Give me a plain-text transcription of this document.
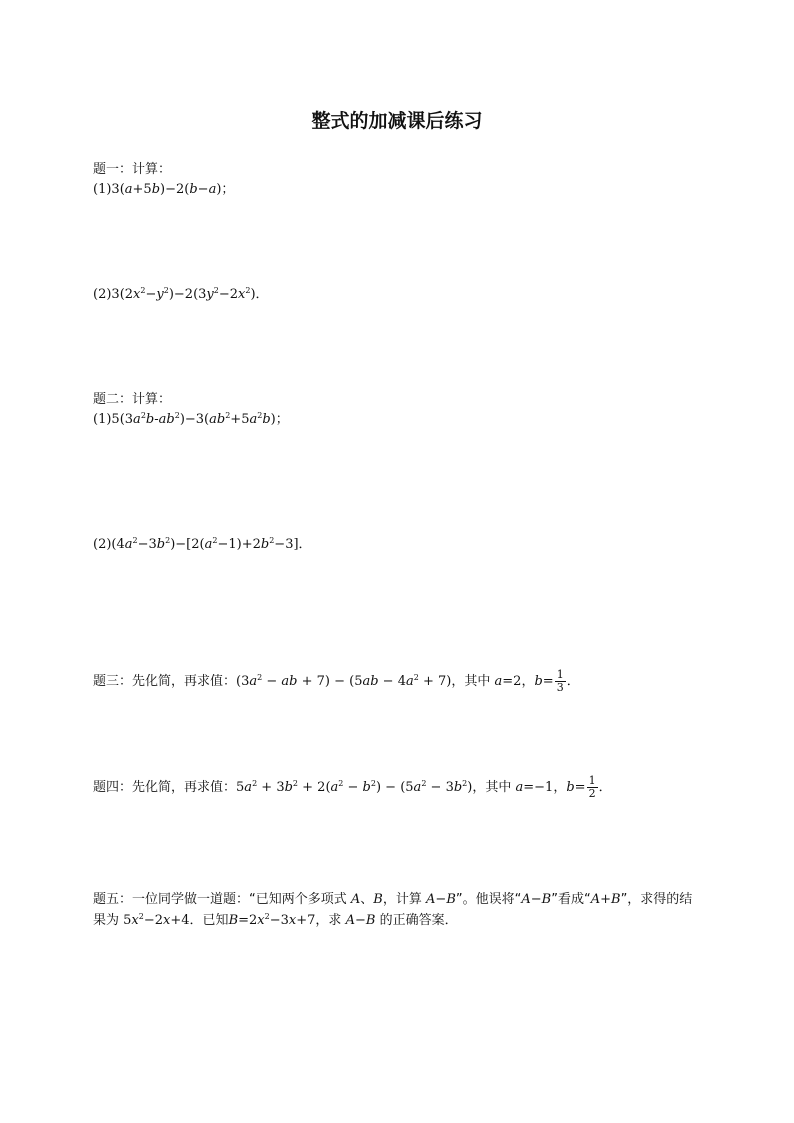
整式的加减课后练习
题一：计算：
(1)3(a+5b)−2(b−a)；
$(2)3(2x^2-y^2)-2(3y^2-2x^2)$．
题二：计算：
$(1)5(3a^2b-ab^2)-3(ab^2+5a^2b)$；
$(2)(4a^2-3b^2)-[2(a^2-1)+2b^2-3]$．
题三：先化简，再求值：($3a^2$ − ab + $7) - (5ab - 4a^2 + 7)$，其中 a=2，$b= \frac{1}{3}$ ．
题四：先化简，再求值：$5a^2 + 3b^2 + 2(a^2 - b^2) - (5a^2 - 3b^2)$，其中 a=−1，$b= \frac{1}{2}$ ．
题五：一位同学做一道题：“已知两个多项式 A、B，计算 A−B”。他误将“A−B”看成“A+B”，求得的结果为 $5x^2-2x+4$．已知$B=2x^2-3x+7$，求 A−B 的正确答案．
